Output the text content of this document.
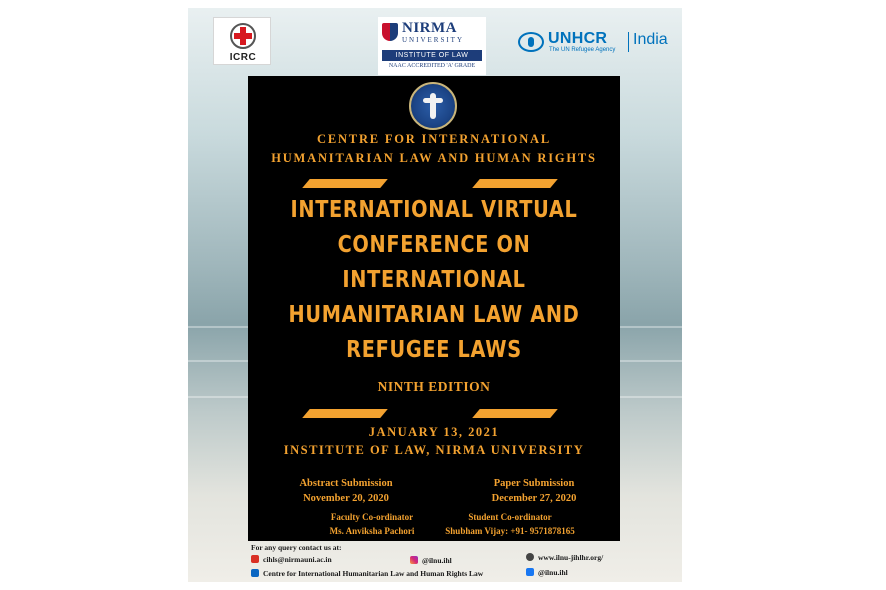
ICRC
NIRMA
UNIVERSITY
INSTITUTE OF LAW
NAAC ACCREDITED 'A' GRADE
UNHCR
The UN Refugee Agency
India
CENTRE FOR INTERNATIONAL
HUMANITARIAN LAW AND HUMAN RIGHTS
INTERNATIONAL VIRTUAL
CONFERENCE ON
INTERNATIONAL
HUMANITARIAN LAW AND
REFUGEE LAWS
NINTH EDITION
JANUARY 13, 2021
INSTITUTE OF LAW, NIRMA UNIVERSITY
Abstract Submission
November 20, 2020
Paper Submission
December 27, 2020
Faculty Co-ordinator
Ms. Anviksha Pachori
Student Co-ordinator
Shubham Vijay: +91- 9571878165
For any query contact us at:
cihls@nirmauni.ac.in	@ilnu.ihl	www.ilnu-jihlhr.org/
Centre for International Humanitarian Law and Human Rights Law	@ilnu.ihl
